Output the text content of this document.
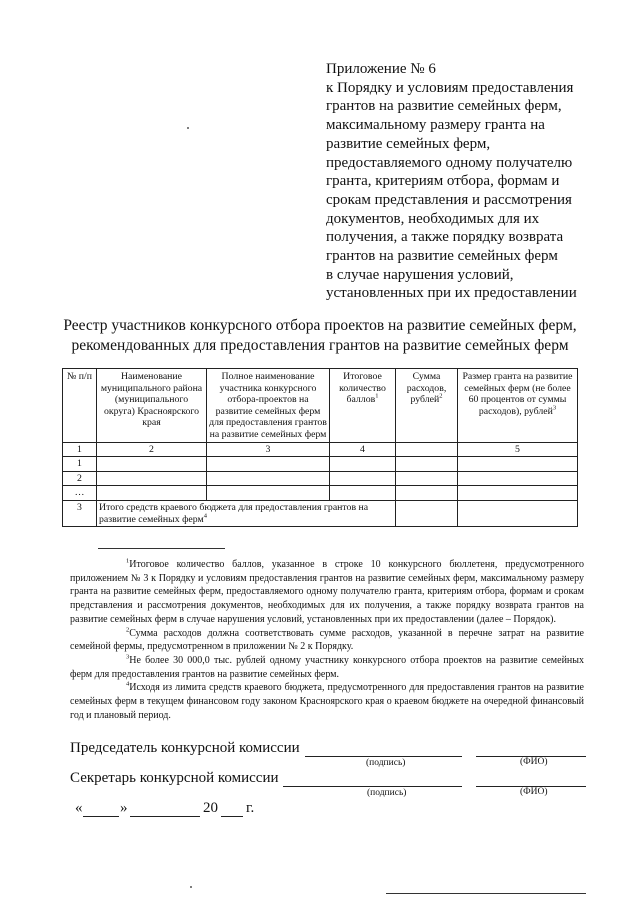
Приложение № 6
к Порядку и условиям предоставления
грантов на развитие семейных ферм,
максимальному размеру гранта на
развитие семейных ферм,
предоставляемого одному получателю
гранта, критериям отбора, формам и
срокам представления и рассмотрения
документов, необходимых для их
получения, а также порядку возврата
грантов на развитие семейных ферм
в случае нарушения условий,
установленных при их предоставлении
Реестр участников конкурсного отбора проектов на развитие семейных ферм,
рекомендованных для предоставления грантов на развитие семейных ферм
№ п/п	Наименование муниципального района (муниципального округа) Красноярского края	Полное наименование участника конкурсного отбора-проектов на развитие семейных ферм для предоставления грантов на развитие семейных ферм	Итоговое количество баллов$^1$	Сумма расходов, рублей$^2$	Размер гранта на развитие семейных ферм (не более 60 процентов от суммы расходов), рублей$^3$
1	2	3	4		5
1					
2					
…					
3	Итого средств краевого бюджета для предоставления грантов на развитие семейных ферм$^4$		

$^1$Итоговое количество баллов, указанное в строке 10 конкурсного бюллетеня, предусмотренного приложением № 3 к Порядку и условиям предоставления грантов на развитие семейных ферм, максимальному размеру гранта на развитие семейных ферм, предоставляемого одному получателю гранта, критериям отбора, формам и срокам представления и рассмотрения документов, необходимых для их получения, а также порядку возврата грантов на развитие семейных ферм в случае нарушения условий, установленных при их предоставлении (далее – Порядок).

$^2$Сумма расходов должна соответствовать сумме расходов, указанной в перечне затрат на развитие семейной фермы, предусмотренном в приложении № 2 к Порядку.

$^3$Не более 30 000,0 тыс. рублей одному участнику конкурсного отбора проектов на развитие семейных ферм для предоставления грантов на развитие семейных ферм.

$^4$Исходя из лимита средств краевого бюджета, предусмотренного для предоставления грантов на развитие семейных ферм в текущем финансовом году законом Красноярского края о краевом бюджете на очередной финансовый год и плановый период.

Председатель конкурсной комиссии
(подпись)	(ФИО)
Секретарь конкурсной комиссии
(подпись)	(ФИО)
«	»	20 г.
